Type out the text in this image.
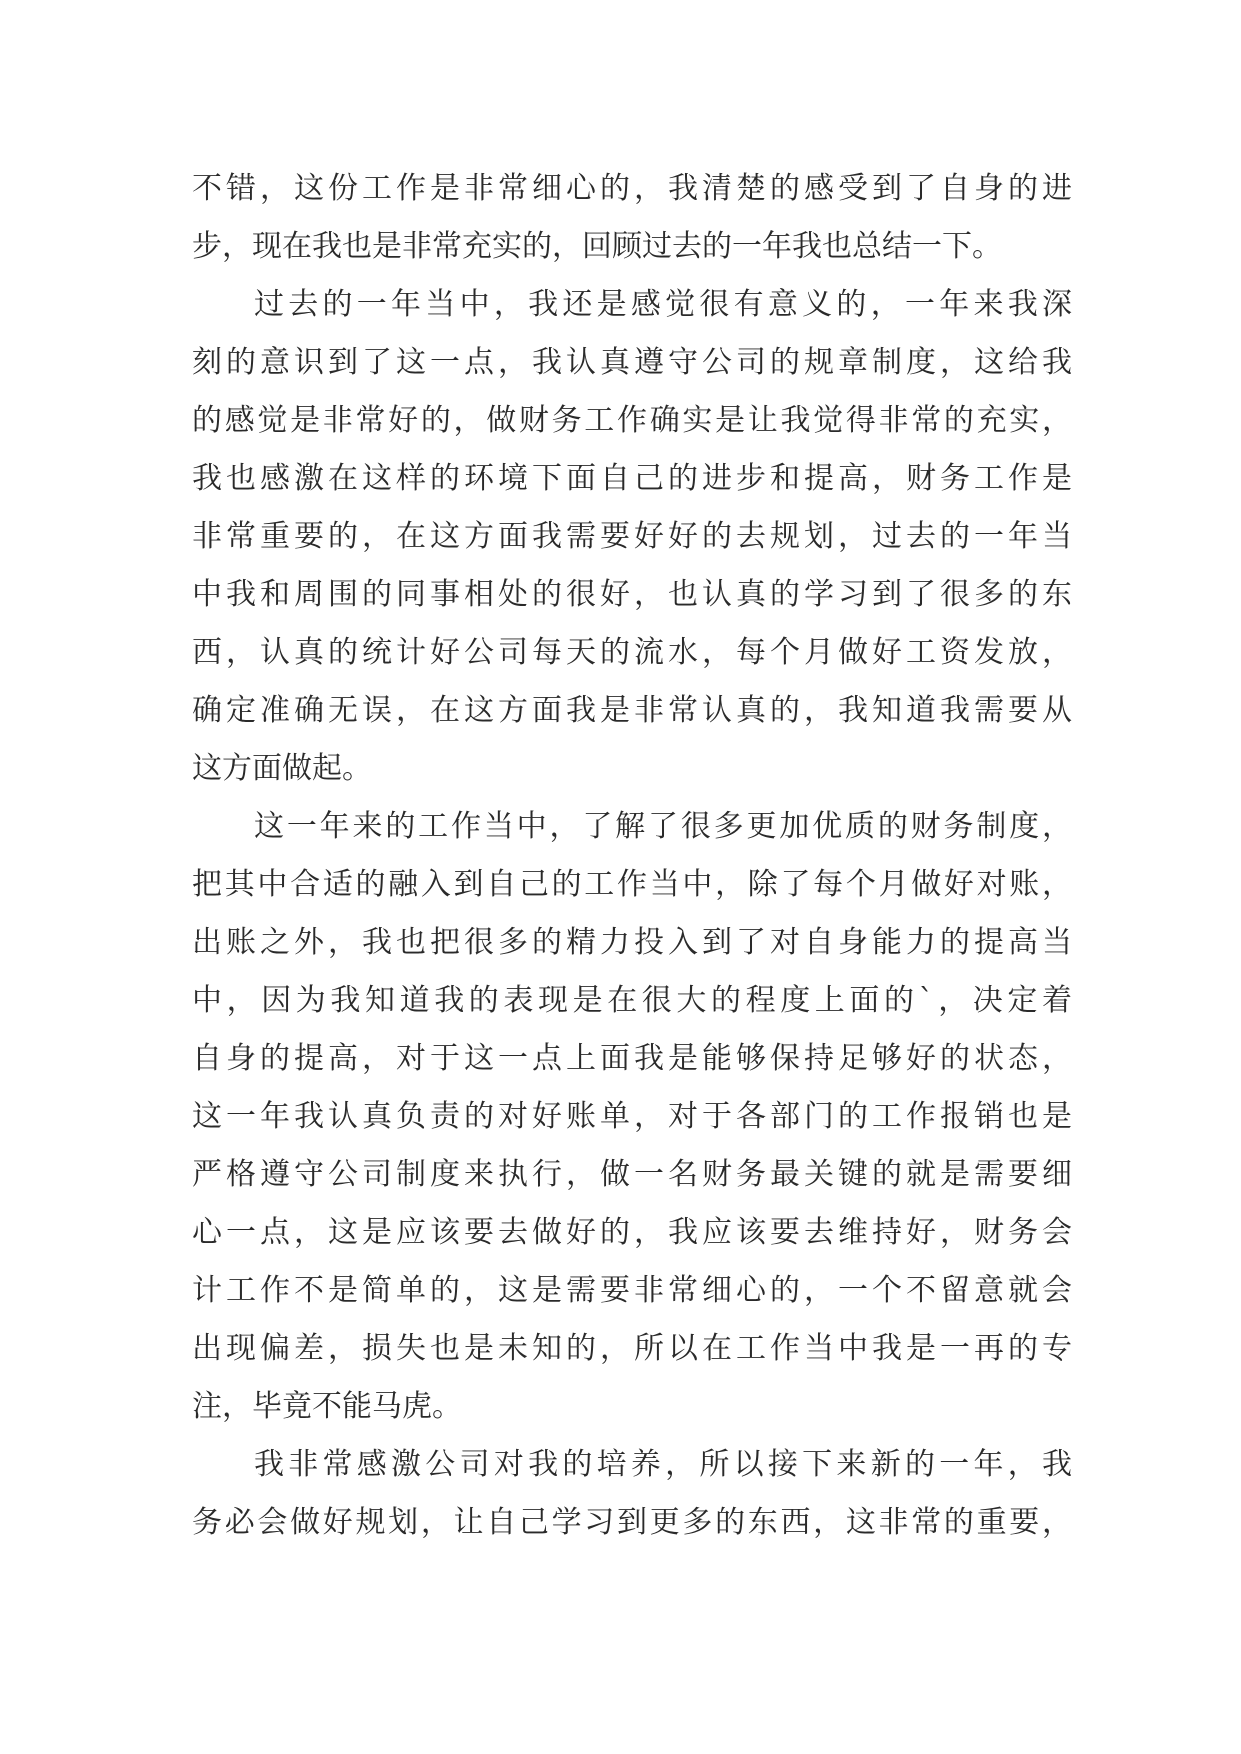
不错，这份工作是非常细心的，我清楚的感受到了自身的进
步，现在我也是非常充实的，回顾过去的一年我也总结一下。
过去的一年当中，我还是感觉很有意义的，一年来我深
刻的意识到了这一点，我认真遵守公司的规章制度，这给我
的感觉是非常好的，做财务工作确实是让我觉得非常的充实，
我也感激在这样的环境下面自己的进步和提高，财务工作是
非常重要的，在这方面我需要好好的去规划，过去的一年当
中我和周围的同事相处的很好，也认真的学习到了很多的东
西，认真的统计好公司每天的流水，每个月做好工资发放，
确定准确无误，在这方面我是非常认真的，我知道我需要从
这方面做起。
这一年来的工作当中，了解了很多更加优质的财务制度，
把其中合适的融入到自己的工作当中，除了每个月做好对账，
出账之外，我也把很多的精力投入到了对自身能力的提高当
中，因为我知道我的表现是在很大的程度上面的`，决定着
自身的提高，对于这一点上面我是能够保持足够好的状态，
这一年我认真负责的对好账单，对于各部门的工作报销也是
严格遵守公司制度来执行，做一名财务最关键的就是需要细
心一点，这是应该要去做好的，我应该要去维持好，财务会
计工作不是简单的，这是需要非常细心的，一个不留意就会
出现偏差，损失也是未知的，所以在工作当中我是一再的专
注，毕竟不能马虎。
我非常感激公司对我的培养，所以接下来新的一年，我
务必会做好规划，让自己学习到更多的东西，这非常的重要，
